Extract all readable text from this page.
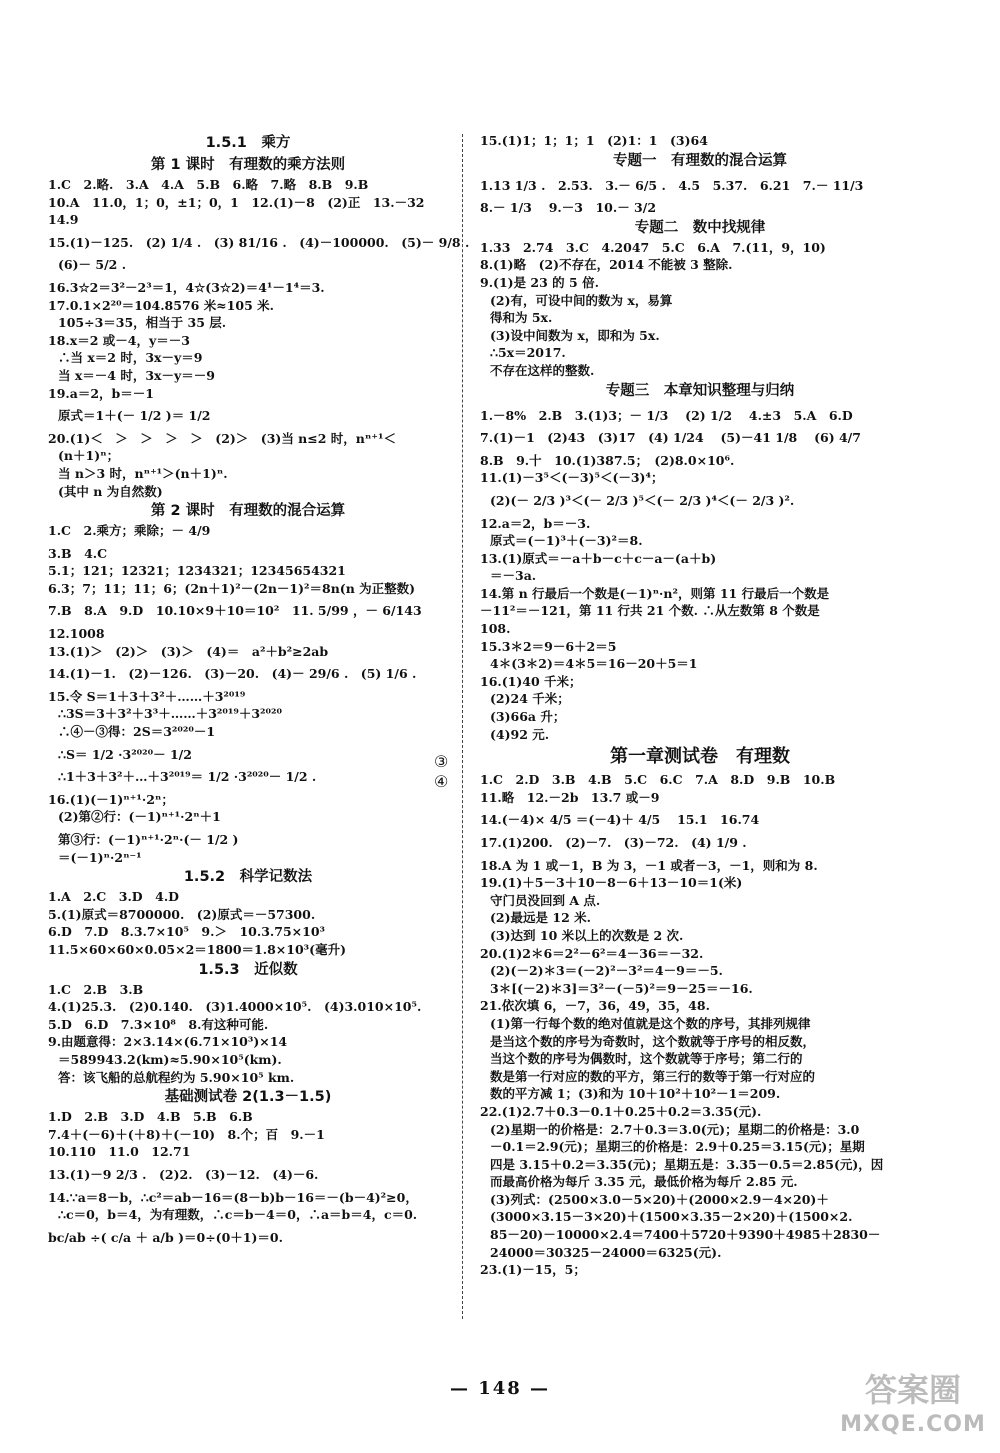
1.5.1　乘方
第 1 课时　有理数的乘方法则
1.C　2.略.　3.A　4.A　5.B　6.略　7.略　8.B　9.B
10.A　11.0，1；0，±1；0，1　12.(1)－8　(2)正　13.－32
14.9
15.(1)－125.　(2) 1/4 .　(3) 81/16 .　(4)－100000.　(5)－ 9/8 .
(6)－ 5/2 .
16.3☆2＝3²－2³＝1，4☆(3☆2)＝4¹－1⁴＝3.
17.0.1×2²⁰＝104.8576 米≈105 米.
105÷3＝35，相当于 35 层.
18.x＝2 或－4，y＝－3
∴当 x＝2 时，3x－y＝9
当 x＝－4 时，3x－y＝－9
19.a＝2，b＝－1
原式＝1＋(－ 1/2 )＝ 1/2
20.(1)＜　＞　＞　＞　＞　(2)＞　(3)当 n≤2 时，nⁿ⁺¹＜
(n＋1)ⁿ；
当 n＞3 时，nⁿ⁺¹＞(n＋1)ⁿ.
(其中 n 为自然数)
第 2 课时　有理数的混合运算
1.C　2.乘方；乘除；－ 4/9
3.B　4.C
5.1；121；12321；1234321；12345654321
6.3；7；11；11；6；(2n＋1)²－(2n－1)²＝8n(n 为正整数)
7.B　8.A　9.D　10.10×9＋10＝10²　11. 5/99 ，－ 6/143
12.1008
13.(1)＞　(2)＞　(3)＞　(4)＝　a²＋b²≥2ab
14.(1)－1.　(2)－126.　(3)－20.　(4)－ 29/6 .　(5) 1/6 .
15.令 S＝1＋3＋3²＋……＋3²⁰¹⁹
∴3S＝3＋3²＋3³＋……＋3²⁰¹⁹＋3²⁰²⁰
∴④－③得：2S＝3²⁰²⁰－1
∴S＝ 1/2 ·3²⁰²⁰－ 1/2
∴1＋3＋3²＋…＋3²⁰¹⁹＝ 1/2 ·3²⁰²⁰－ 1/2 .
16.(1)(－1)ⁿ⁺¹·2ⁿ；
(2)第②行：(－1)ⁿ⁺¹·2ⁿ＋1
第③行：(－1)ⁿ⁺¹·2ⁿ·(－ 1/2 )
＝(－1)ⁿ·2ⁿ⁻¹
1.5.2　科学记数法
1.A　2.C　3.D　4.D
5.(1)原式＝8700000.　(2)原式＝－57300.
6.D　7.D　8.3.7×10⁵　9.＞　10.3.75×10³
11.5×60×60×0.05×2＝1800＝1.8×10³(毫升)
1.5.3　近似数
1.C　2.B　3.B
4.(1)25.3.　(2)0.140.　(3)1.4000×10⁵.　(4)3.010×10⁵.
5.D　6.D　7.3×10⁸　8.有这种可能.
9.由题意得：2×3.14×(6.71×10³)×14
＝589943.2(km)≈5.90×10⁵(km).
答：该飞船的总航程约为 5.90×10⁵ km.
基础测试卷 2(1.3－1.5)
1.D　2.B　3.D　4.B　5.B　6.B
7.4＋(－6)＋(＋8)＋(－10)　8.个；百　9.－1
10.110　11.0　12.71
13.(1)－9 2/3 .　(2)2.　(3)－12.　(4)－6.
14.∵a＝8－b，∴c²＝ab－16＝(8－b)b－16＝－(b－4)²≥0，
∴c＝0，b＝4，为有理数，∴c＝b－4＝0，∴a＝b＝4，c＝0.
bc/ab ÷( c/a ＋ a/b )＝0÷(0＋1)＝0.
③
④
15.(1)1；1；1；1　(2)1：1　(3)64
专题一　有理数的混合运算
1.13 1/3 .　2.53.　3.－ 6/5 .　4.5　5.37.　6.21　7.－ 11/3
8.－ 1/3 　9.－3　10.－ 3/2
专题二　数中找规律
1.33　2.74　3.C　4.2047　5.C　6.A　7.(11，9，10)
8.(1)略　(2)不存在，2014 不能被 3 整除.
9.(1)是 23 的 5 倍.
(2)有，可设中间的数为 x，易算
得和为 5x.
(3)设中间数为 x，即和为 5x.
∴5x＝2017.
不存在这样的整数.
专题三　本章知识整理与归纳
1.－8%　2.B　3.(1)3；－ 1/3 　(2) 1/2 　4.±3　5.A　6.D
7.(1)－1　(2)43　(3)17　(4) 1/24 　(5)－41 1/8 　(6) 4/7
8.B　9.十　10.(1)387.5；　(2)8.0×10⁶.
11.(1)－3⁵＜(－3)⁵＜(－3)⁴；
(2)(－ 2/3 )³＜(－ 2/3 )⁵＜(－ 2/3 )⁴＜(－ 2/3 )².
12.a＝2，b＝－3.
原式＝(－1)³＋(－3)²＝8.
13.(1)原式＝－a＋b－c＋c－a－(a＋b)
＝－3a.
14.第 n 行最后一个数是(－1)ⁿ·n²，则第 11 行最后一个数是
－11²＝－121，第 11 行共 21 个数. ∴从左数第 8 个数是
108.
15.3＊2＝9－6＋2＝5
4＊(3＊2)＝4＊5＝16－20＋5＝1
16.(1)40 千米；
(2)24 千米；
(3)66a 升；
(4)92 元.
第一章测试卷　有理数
1.C　2.D　3.B　4.B　5.C　6.C　7.A　8.D　9.B　10.B
11.略　12.－2b　13.7 或－9
14.(－4)× 4/5 ＝(－4)＋ 4/5 　15.1　16.74
17.(1)200.　(2)－7.　(3)－72.　(4) 1/9 .
18.A 为 1 或－1，B 为 3，－1 或者－3，－1，则和为 8.
19.(1)＋5－3＋10－8－6＋13－10＝1(米)
守门员没回到 A 点.
(2)最远是 12 米.
(3)达到 10 米以上的次数是 2 次.
20.(1)2＊6＝2²－6²＝4－36＝－32.
(2)(－2)＊3＝(－2)²－3²＝4－9＝－5.
3＊[(－2)＊3]＝3²－(－5)²＝9－25＝－16.
21.依次填 6，－7，36，49，35，48.
(1)第一行每个数的绝对值就是这个数的序号，其排列规律
是当这个数的序号为奇数时，这个数就等于序号的相反数，
当这个数的序号为偶数时，这个数就等于序号；第二行的
数是第一行对应的数的平方，第三行的数等于第一行对应的
数的平方减 1；(3)和为 10＋10²＋10²－1＝209.
22.(1)2.7＋0.3－0.1＋0.25＋0.2＝3.35(元).
(2)星期一的价格是：2.7＋0.3＝3.0(元)；星期二的价格是：3.0
－0.1＝2.9(元)；星期三的价格是：2.9＋0.25＝3.15(元)；星期
四是 3.15＋0.2＝3.35(元)；星期五是：3.35－0.5＝2.85(元)，因
而最高价格为每斤 3.35 元，最低价格为每斤 2.85 元.
(3)列式：(2500×3.0－5×20)＋(2000×2.9－4×20)＋
(3000×3.15－3×20)＋(1500×3.35－2×20)＋(1500×2.
85－20)－10000×2.4＝7400＋5720＋9390＋4985＋2830－
24000＝30325－24000＝6325(元).
23.(1)－15，5；
— 148 —	答案圈
MXQE.COM
